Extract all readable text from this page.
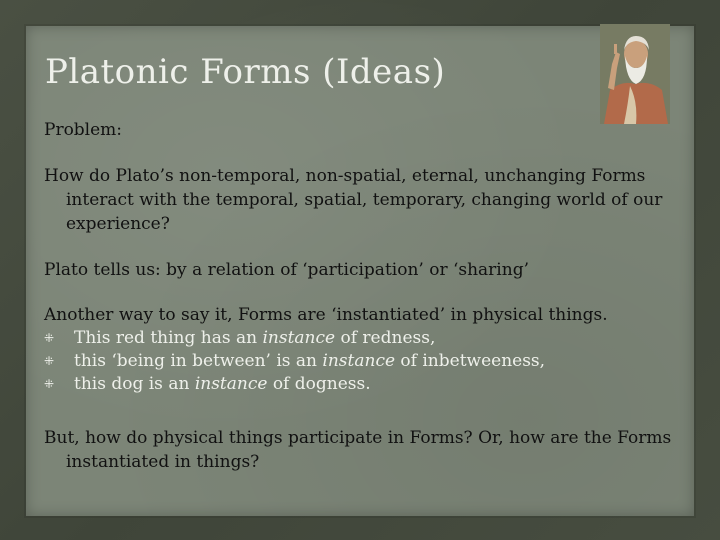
Platonic Forms (Ideas)

Problem:

How do Plato’s non-temporal, non-spatial, eternal, unchanging Forms interact with the temporal, spatial, temporary, changing world of our experience?

Plato tells us: by a relation of ‘participation’ or ‘sharing’

Another way to say it, Forms are ‘instantiated’ in physical things.

⁜	This red thing has an instance of redness,
⁜	this ‘being in between’ is an instance of inbetweeness,
⁜	this dog is an instance of dogness.

But, how do physical things participate in Forms? Or, how are the Forms instantiated in things?
